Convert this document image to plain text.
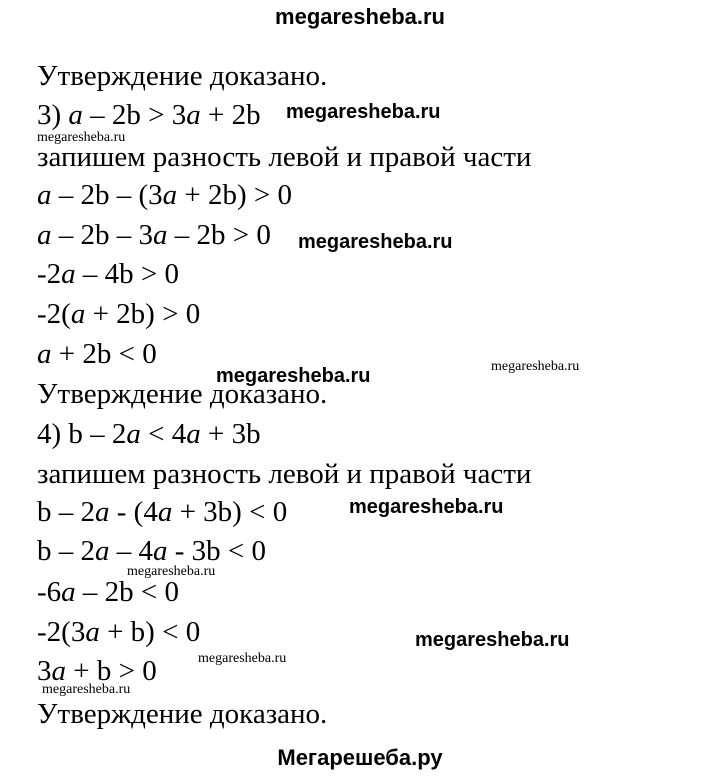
megaresheba.ru
Утверждение доказано.
3) a – 2b > 3a + 2b
запишем разность левой и правой части
a – 2b – (3a + 2b) > 0
a – 2b – 3a – 2b > 0
-2a – 4b > 0
-2(a + 2b) > 0
a + 2b < 0
Утверждение доказано.
4) b – 2a < 4a + 3b
запишем разность левой и правой части
b – 2a - (4a + 3b) < 0
b – 2a – 4a - 3b < 0
-6a – 2b < 0
-2(3a + b) < 0
3a + b > 0
Утверждение доказано.
megaresheba.ru
megaresheba.ru
megaresheba.ru
megaresheba.ru	megaresheba.ru
megaresheba.ru
megaresheba.ru
megaresheba.ru
megaresheba.ru
megaresheba.ru
Мегарешеба.ру
